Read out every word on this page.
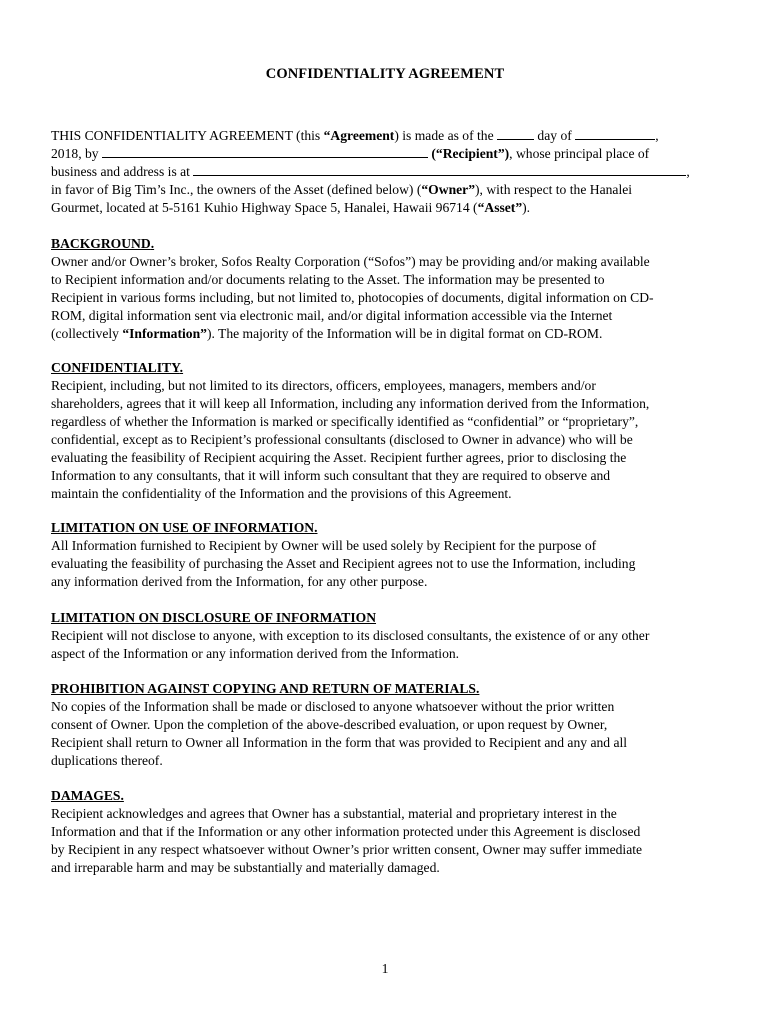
CONFIDENTIALITY AGREEMENT
THIS CONFIDENTIALITY AGREEMENT (this “Agreement) is made as of the	day of	,
2018, by	(“Recipient”), whose principal place of
business and address is at	,
in favor of Big Tim’s Inc., the owners of the Asset (defined below) (“Owner”), with respect to the Hanalei
Gourmet, located at 5-5161 Kuhio Highway Space 5, Hanalei, Hawaii 96714 (“Asset”).
BACKGROUND.
Owner and/or Owner’s broker, Sofos Realty Corporation (“Sofos”) may be providing and/or making available
to Recipient information and/or documents relating to the Asset. The information may be presented to
Recipient in various forms including, but not limited to, photocopies of documents, digital information on CD-
ROM, digital information sent via electronic mail, and/or digital information accessible via the Internet
(collectively “Information”). The majority of the Information will be in digital format on CD-ROM.
CONFIDENTIALITY.
Recipient, including, but not limited to its directors, officers, employees, managers, members and/or
shareholders, agrees that it will keep all Information, including any information derived from the Information,
regardless of whether the Information is marked or specifically identified as “confidential” or “proprietary”,
confidential, except as to Recipient’s professional consultants (disclosed to Owner in advance) who will be
evaluating the feasibility of Recipient acquiring the Asset. Recipient further agrees, prior to disclosing the
Information to any consultants, that it will inform such consultant that they are required to observe and
maintain the confidentiality of the Information and the provisions of this Agreement.
LIMITATION ON USE OF INFORMATION.
All Information furnished to Recipient by Owner will be used solely by Recipient for the purpose of
evaluating the feasibility of purchasing the Asset and Recipient agrees not to use the Information, including
any information derived from the Information, for any other purpose.
LIMITATION ON DISCLOSURE OF INFORMATION
Recipient will not disclose to anyone, with exception to its disclosed consultants, the existence of or any other
aspect of the Information or any information derived from the Information.
PROHIBITION AGAINST COPYING AND RETURN OF MATERIALS.
No copies of the Information shall be made or disclosed to anyone whatsoever without the prior written
consent of Owner. Upon the completion of the above-described evaluation, or upon request by Owner,
Recipient shall return to Owner all Information in the form that was provided to Recipient and any and all
duplications thereof.
DAMAGES.
Recipient acknowledges and agrees that Owner has a substantial, material and proprietary interest in the
Information and that if the Information or any other information protected under this Agreement is disclosed
by Recipient in any respect whatsoever without Owner’s prior written consent, Owner may suffer immediate
and irreparable harm and may be substantially and materially damaged.
1
